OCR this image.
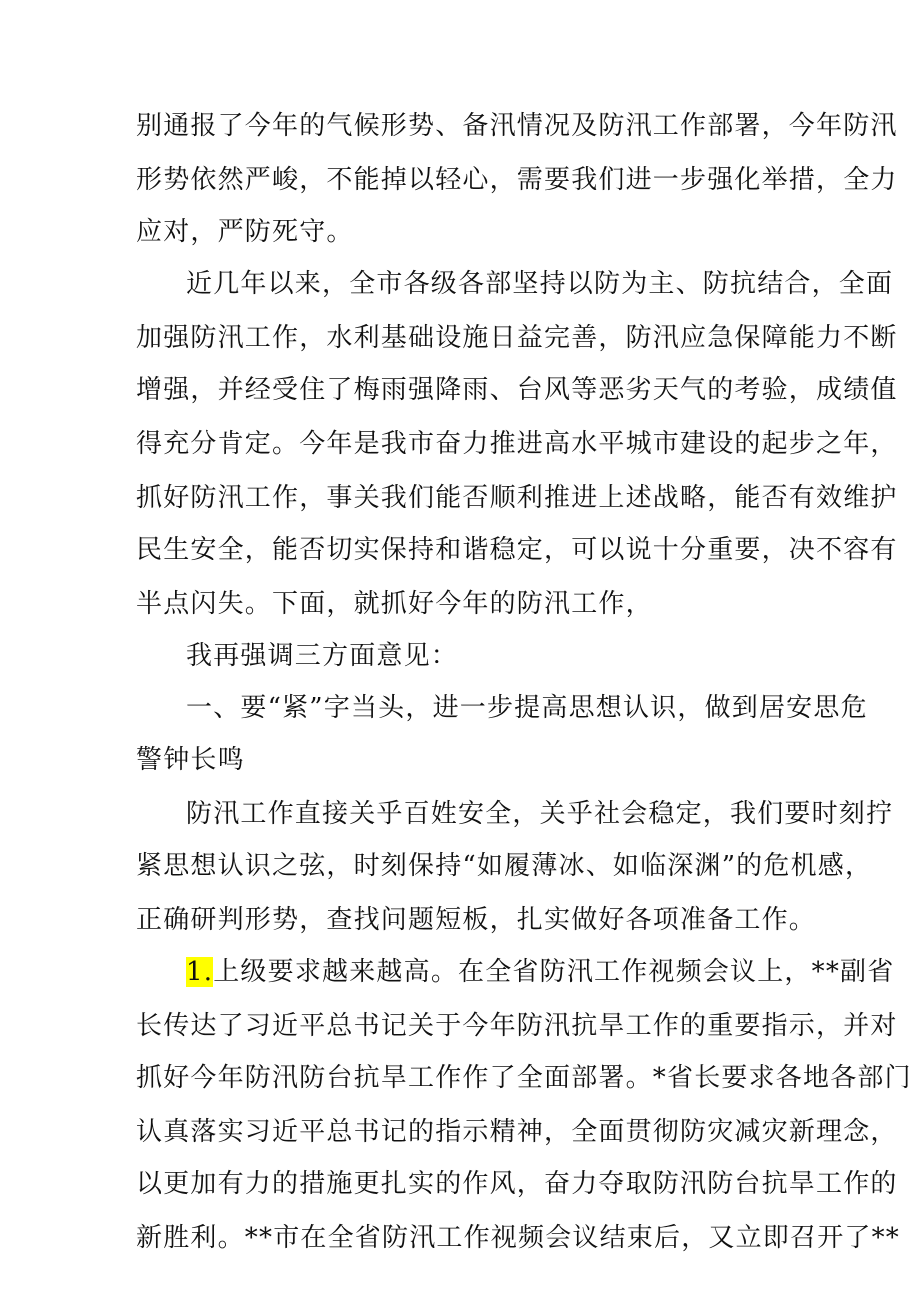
别通报了今年的气候形势、备汛情况及防汛工作部署，今年防汛
形势依然严峻，不能掉以轻心，需要我们进一步强化举措，全力
应对，严防死守。
近几年以来，全市各级各部坚持以防为主、防抗结合，全面
加强防汛工作，水利基础设施日益完善，防汛应急保障能力不断
增强，并经受住了梅雨强降雨、台风等恶劣天气的考验，成绩值
得充分肯定。今年是我市奋力推进高水平城市建设的起步之年，
抓好防汛工作，事关我们能否顺利推进上述战略，能否有效维护
民生安全，能否切实保持和谐稳定，可以说十分重要，决不容有
半点闪失。下面，就抓好今年的防汛工作，
我再强调三方面意见：
一、要“紧”字当头，进一步提高思想认识，做到居安思危
警钟长鸣
防汛工作直接关乎百姓安全，关乎社会稳定，我们要时刻拧
紧思想认识之弦，时刻保持“如履薄冰、如临深渊”的危机感，
正确研判形势，查找问题短板，扎实做好各项准备工作。
1.上级要求越来越高。在全省防汛工作视频会议上，**副省
长传达了习近平总书记关于今年防汛抗旱工作的重要指示，并对
抓好今年防汛防台抗旱工作作了全面部署。*省长要求各地各部门
认真落实习近平总书记的指示精神，全面贯彻防灾减灾新理念，
以更加有力的措施更扎实的作风，奋力夺取防汛防台抗旱工作的
新胜利。**市在全省防汛工作视频会议结束后，又立即召开了**
